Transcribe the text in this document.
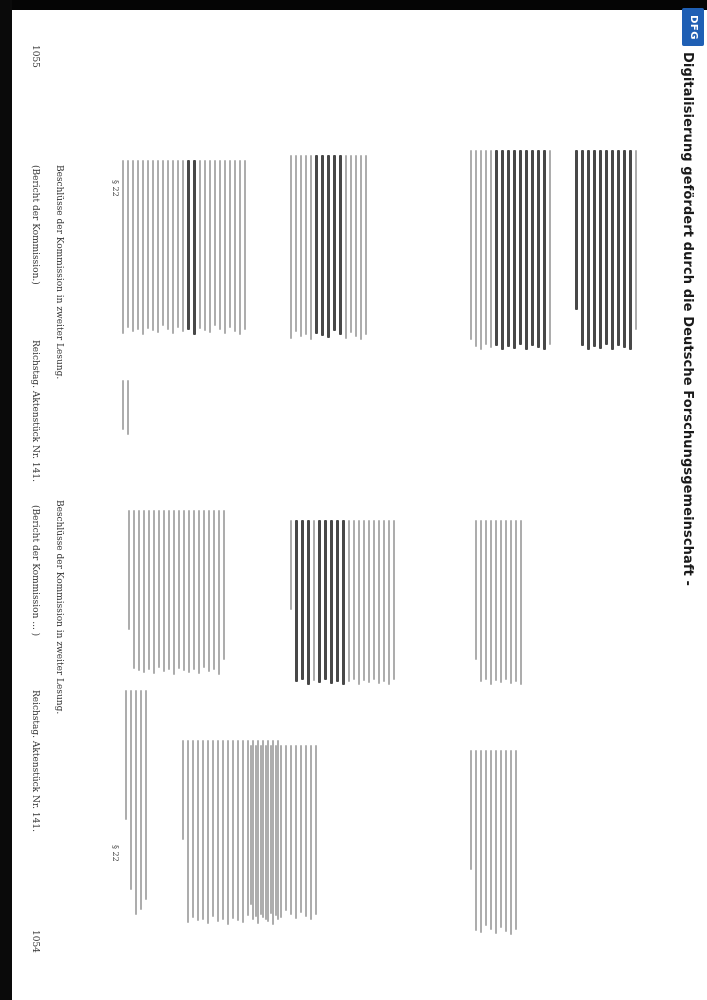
1054
Reichstag. Aktenstück Nr. 141.
(Bericht der Kommission ... ) Beschlüsse der Kommission in zweiter Lesung.
1055
Reichstag. Aktenstück Nr. 141.
(Bericht der Kommission.) Beschlüsse der Kommission in zweiter Lesung.
§ 22
§ 22
DFG
Digitalisierung gefördert durch die Deutsche Forschungsgemeinschaft -
